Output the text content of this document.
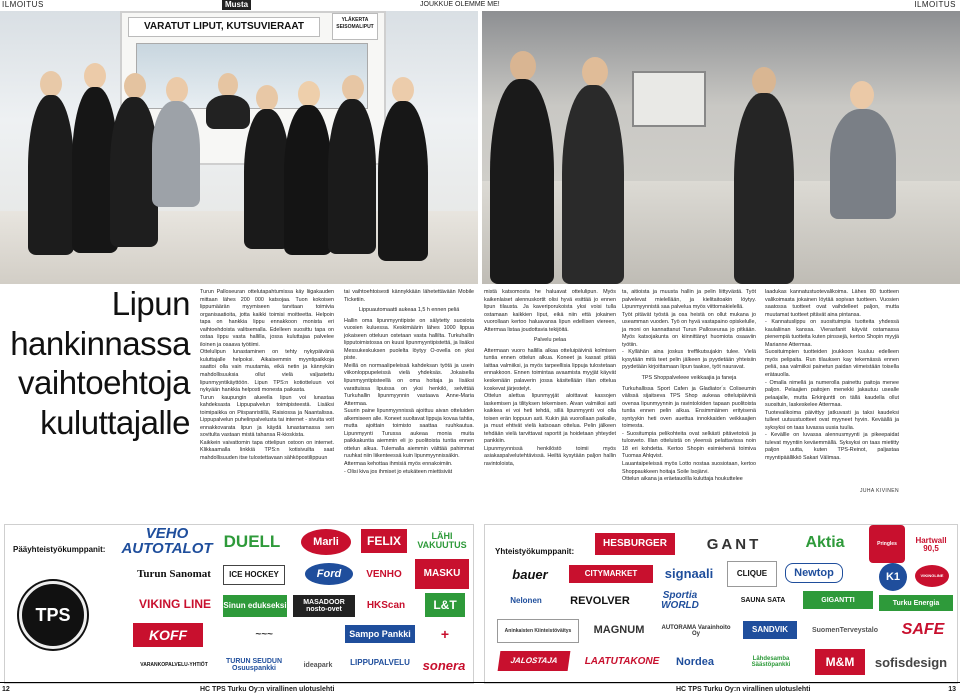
ILMOITUS	Musta	JOUKKUE OLEMME ME!	ILMOITUS
VARATUT LIPUT, KUTSUVIERAAT
YLÄKERTA SEISOMALIPUT
Lipun
hankinnassa
vaihtoehtoja
kuluttajalle

Turun Palloseuran ottelutapahtumissa käy liigakauden mittaan lähes 200 000 katsojaa. Tuon kokoisen lippumäärän myymiseen tarvitaan toimivia organisaatioita, jotta kaikki toimisi moitteetta. Helpoin tapa on hankkia lippu ennakkoon monista eri vaihtoehdoista valitsemalla. Edelleen suosittu tapa on ostaa lippu vasta hallilla, jossa kuluttajaa palvelee iloinen ja osaava työtiimi.

Ottelulipun lunastaminen on tehty nykypäivänä kuluttajalle helpoksi. Aikaisemmin myyntipaikkoja saattoi olla vain muutamia, eikä netin ja kännykän mahdollisuuksia ollut vielä valjastettu lipunmyyntikäyttöön. Lipun TPS:n kotiotteluun voi nykyään hankkia helposti monesta paikasta.

Turun kaupungin alueella lipun voi lunastaa kahdeksasta Lippupalvelun toimipisteestä. Lisäksi toimipaikka on Piispanristillä, Raisiossa ja Naantalissa. Lippupalvelun puhelinpalvelusta tai internet - sivulta voit ennakkovarata lipun ja käydä lunastamassa sen sovitulta vastaan mistä tahansa R-kioskista.

Kaikkein vaivattomin tapa ottelipun ostoon on internet. Klikkaamalla linkkiä TPS:n kotisivuilta saat mahdollisuuden itse tulostettavaan sähköpostilippuun

tai vaihtoehtoisesti kännykkään lähetettävään Mobile Ticketiin.

Lippuautomaatti aukeaa 1,5 h ennen peliä

Hallin oma lipunmyyntipiste on sälytetty suosiota vuosien kuluessa. Keskimäärin lähes 1000 lippua jokaiseen otteluun ostetaan vasta hallilta. Turkuhallin lipputoimistossa on kuusi lipunmyyntipistettä, ja lisäksi Messukeskuksen puolelta löytyy O-ovella on yksi piste.

Meillä on normaalipeleissä kahdeksan työtä ja usein viikonloppupeleissä vielä yhdeksäs. Jokaisella lipunmyyntipisteellä on oma hoitaja ja lisäksi varattuissa lipuissa on yksi henkilö, selvittää Turkuhallin lipunmyynnin vastaava Anne-Maria Attermaa.

Suurin paine lipunmyynnissä ajoittuu aivan otteluiden alkemiseen alle. Koneet suoltavat lippuja kovaa tahtia, mutta ajoittain toimisto saattaa ruuhkautua. Lipunmyynti Turussa aukeaa monia muita paikkakuntia aiemmin eli jo puolitoista tuntia ennen ottelun alkua. Tulemalla aiemmin välttää pahimmat ruuhkat niin liikenteessä kuin lipunmyynnissäkin.

Attermaa kehottaa ihmisiä myös ennakoimiin.

- Olisi kiva jos ihmiset jo etukäteen miettisivät

mistä katsomosta he haluavat ottelulipun. Myös kaikenlaiset alennuskortit olisi hyvä esittää jo ennen lipun tilausta. Ja kaveriporukoista yksi voisi tulla ostamaan kaikkien liput, eikä niin että jokainen vuorollaan kertoo haluavansa lipun edellisen viereen, Attermaa listaa joudottavia tekijöitä.

Palvelu pelaa

Attermaan vuoro hallilla alkaa otteluipäivinä kolmisen tuntia ennen ottelun alkua. Koneet ja kassat pitää laittaa valmiiksi, ja myös tarpeellisia lippuja tulostetaan ennakkoon. Ennen toimintaa avaamista myyjät käyvät keskenään palaverin jossa käsitellään illan ottelua koskevat järjestelyt.

Ottelun alettua lipunmyyjät aloittavat kassojen laskemisen ja tilityksen tekemisen. Aivan valmiiksi asti kaikkea ei voi heti tehdä, sillä lipunmyynti voi olla toisen erän loppuun asti. Kukin jää vuorollaan paikalle, ja muut ehtivät vielä katsoaan ottelua. Pelin jälkeen tehdään vielä tarvittavat raportit ja hoidetaan yhteydet pankkiin.

Lipunmyynnissä henkilöstö toimii myös asiakaspalvelutehtävissä. Heiltä kysytään paljon hallin ravintoloista,

ta, aitioista ja muusta hallin ja pelin liittyvästä. Työt palvelevat mielellään, ja kielitaitoakin löytyy. Lipunmyynnistä saa palvelua myös viittomakielellä.

Työt pitävät työstä ja osa heistä on ollut mukana jo useamman vuoden. Työ on hyvä vastapaino opiskelulle, ja moni on kannattanut Turun Palloseuraa jo pitkään. Myös katsojakunta on kiinnittänyt huomiota osaaviin työtiin.

- Kyllähän aina joskus treffikutsujakin tulee. Vielä kysytään mitä teet pelin jälkeen ja pyydetään yhteisiin pyydetään kirjoittamaan lipun taakse, työt nauravat.

TPS Shoppalveleee veikkaajia ja faneja

Turkuhallissa Sport Cafen ja Gladiator´s Coliseumin välissä sijaitseva TPS Shop aukeaa otteluipäivinä ovensa lipunmyynnin ja ravintoloiden tapaan puolitoista tuntia ennen pelin alkua. Ensimmäinen erityisenä syntyykin heti oven auettua innokkaiden veikkaajien toimesta.

- Suositumpia pelikohteita ovat selkästi pitävetotoä ja tulosveto. Illan otteluistä on yleensä pelattavissa noin 18 eri kohdetta. Kertoo Shopin esimiehenä toimiva Tuomas Ahlqvist.

Lauantaipeleissä myös Lotto nostaa suosiotaan, kertoo Shoppaukkeen hoitaja Soile Isojärvi.

Ottelun aikana ja eräetauoilla kuluttaja houkuttelee

laadukas kannatustuotevalikoima. Lähes 80 tuotteen valikoimasta jokainen löytää sopivan tuotteen. Vuosien saatossa tuotteet ovat vaihdelleet paljon, mutta muutamat tuotteet pitävät aina pintansa.

- Kannatuslippu on suosituimpia tuotteita yhdessä kaulaliinan kanssa. Vierasfanit käyvät ostamassa pienempiä tuotteita kuten pinssejä, kertoo Shopin myyjä Marianne Attermaa.

Suosituimpien tuotteiden joukkoon kuuluu edelleen myös pelipaita. Run tilauksen kay tekemässä ennen peliä, saa valmiiksi painetun paidan viimeistään toisella erätauolla.

- Omalla nimellä ja numerolla painettu paitoja menee paljon. Pelaajien paitojen menekki jakautuu usealle pelaajalle, mutta Erkinjuntti on tällä kaudella ollut suosituin, laskeskelee Attermaa.

Tuotevalikoima päivittyy jatkuvasti ja taksi kaudeksi tulleet uutuustuotteet ovat myyneet hyvin. Keväällä ja syksyksi on taas luvassa uusia tuulia.

- Kevällle on luvassa alennusmyynti ja pikeepaidat tulevat myyntiin keväemmällä. Syksyksi on taas mietitty paljon uutta, kuten TPS-Reinot, paljastaa myyntipäällikkö Sakari Välimaa.

JUHA KIVINEN
Pääyhteistyökumppanit:
VEHO AUTOTALOT DUELL	Marli	FELIX	LÄHI VAKUUTUS
Turun Sanomat	ICE HOCKEY	Ford	VENHO	MASKU
TPS
VIKING LINE	Sinun edukseksi	MASADOOR nosto-ovet	HKScan	L&T
KOFF	~~~	Sampo Pankki	+
VARANKOPALVELU-YHTIÖT	TURUN SEUDUN Osuuspankki	ideapark	LIPPUPALVELU sonera
Yhteistyökumppanit:
HESBURGER	GANT	Aktia	Pringles	Hartwall 90,5
bauer	CITYMARKET	signaali	CLIQUE	Newtop	K1	VIKINGLINE
Nelonen	REVOLVER	Sportia WORLD	SAUNA SATA	GIGANTTI	Turku Energia
Aninkaisten Kiinteistöväitys	MAGNUM	AUTORAMA Varainhoito Oy	SANDVIK	SuomenTerveystalo	SAFE
JALOSTAJA	LAATUTAKONE	Nordea	Lähdesamba Säästöpankki	M&M	sofisdesign
12	HC TPS Turku Oy:n virallinen ulotuslehti	HC TPS Turku Oy:n virallinen ulotuslehti	13
